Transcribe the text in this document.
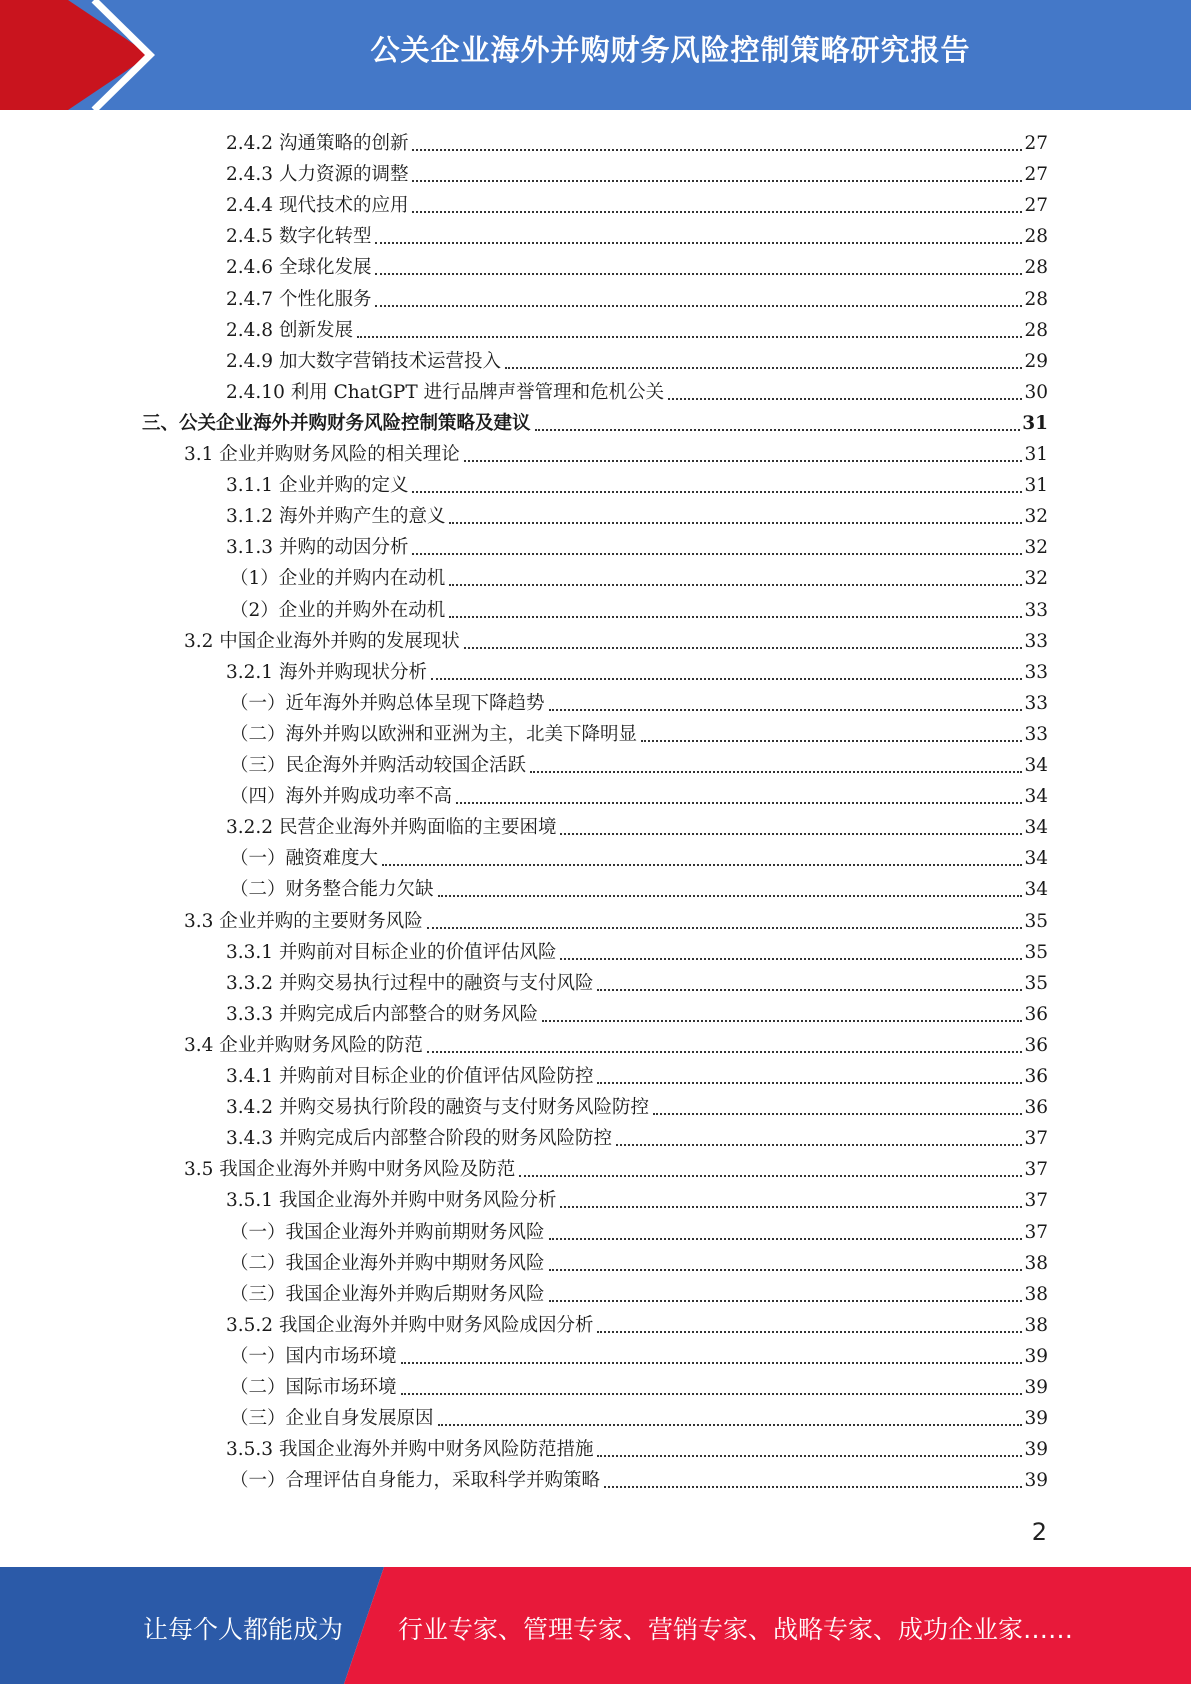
公关企业海外并购财务风险控制策略研究报告
2.4.2 沟通策略的创新	27
2.4.3 人力资源的调整	27
2.4.4 现代技术的应用	27
2.4.5 数字化转型	28
2.4.6 全球化发展	28
2.4.7 个性化服务	28
2.4.8 创新发展	28
2.4.9 加大数字营销技术运营投入	29
2.4.10 利用 ChatGPT 进行品牌声誉管理和危机公关	30
三、公关企业海外并购财务风险控制策略及建议	31
3.1 企业并购财务风险的相关理论	31
3.1.1 企业并购的定义	31
3.1.2 海外并购产生的意义	32
3.1.3 并购的动因分析	32
（1）企业的并购内在动机	32
（2）企业的并购外在动机	33
3.2 中国企业海外并购的发展现状	33
3.2.1 海外并购现状分析	33
（一）近年海外并购总体呈现下降趋势	33
（二）海外并购以欧洲和亚洲为主，北美下降明显	33
（三）民企海外并购活动较国企活跃	34
（四）海外并购成功率不高	34
3.2.2 民营企业海外并购面临的主要困境	34
（一）融资难度大	34
（二）财务整合能力欠缺	34
3.3 企业并购的主要财务风险	35
3.3.1 并购前对目标企业的价值评估风险	35
3.3.2 并购交易执行过程中的融资与支付风险	35
3.3.3 并购完成后内部整合的财务风险	36
3.4 企业并购财务风险的防范	36
3.4.1 并购前对目标企业的价值评估风险防控	36
3.4.2 并购交易执行阶段的融资与支付财务风险防控	36
3.4.3 并购完成后内部整合阶段的财务风险防控	37
3.5 我国企业海外并购中财务风险及防范	37
3.5.1 我国企业海外并购中财务风险分析	37
（一）我国企业海外并购前期财务风险	37
（二）我国企业海外并购中期财务风险	38
（三）我国企业海外并购后期财务风险	38
3.5.2 我国企业海外并购中财务风险成因分析	38
（一）国内市场环境	39
（二）国际市场环境	39
（三）企业自身发展原因	39
3.5.3 我国企业海外并购中财务风险防范措施	39
（一）合理评估自身能力，采取科学并购策略	39
2
让每个人都能成为 行业专家、管理专家、营销专家、战略专家、成功企业家……
